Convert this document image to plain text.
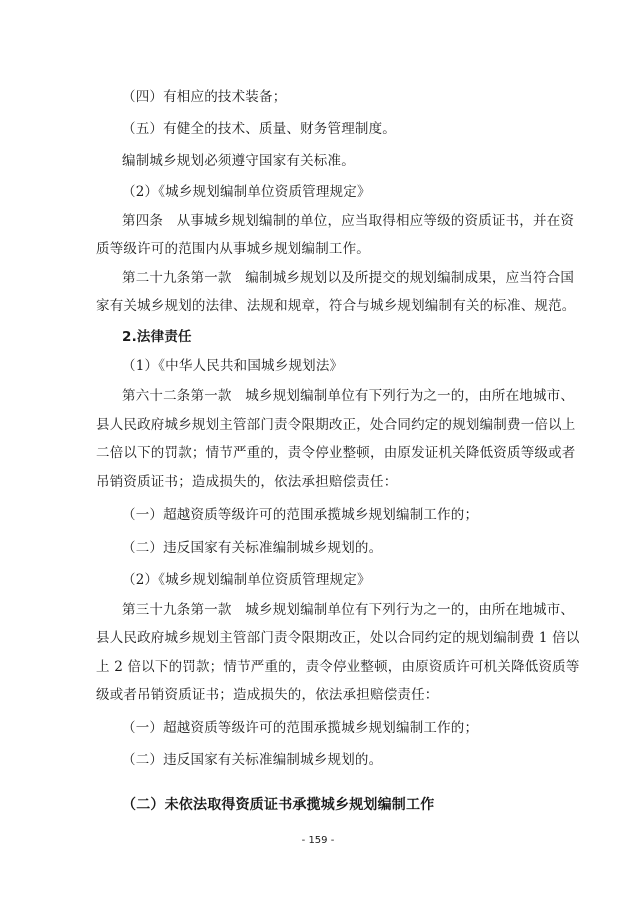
（四）有相应的技术装备；
（五）有健全的技术、质量、财务管理制度。
编制城乡规划必须遵守国家有关标准。
（2）《城乡规划编制单位资质管理规定》
第四条　从事城乡规划编制的单位，应当取得相应等级的资质证书，并在资
质等级许可的范围内从事城乡规划编制工作。
第二十九条第一款　编制城乡规划以及所提交的规划编制成果，应当符合国
家有关城乡规划的法律、法规和规章，符合与城乡规划编制有关的标准、规范。
2.法律责任
（1）《中华人民共和国城乡规划法》
第六十二条第一款　城乡规划编制单位有下列行为之一的，由所在地城市、
县人民政府城乡规划主管部门责令限期改正，处合同约定的规划编制费一倍以上
二倍以下的罚款；情节严重的，责令停业整顿，由原发证机关降低资质等级或者
吊销资质证书；造成损失的，依法承担赔偿责任：
（一）超越资质等级许可的范围承揽城乡规划编制工作的；
（二）违反国家有关标准编制城乡规划的。
（2）《城乡规划编制单位资质管理规定》
第三十九条第一款　城乡规划编制单位有下列行为之一的，由所在地城市、
县人民政府城乡规划主管部门责令限期改正，处以合同约定的规划编制费 1 倍以
上 2 倍以下的罚款；情节严重的，责令停业整顿，由原资质许可机关降低资质等
级或者吊销资质证书；造成损失的，依法承担赔偿责任：
（一）超越资质等级许可的范围承揽城乡规划编制工作的；
（二）违反国家有关标准编制城乡规划的。
（二）未依法取得资质证书承揽城乡规划编制工作
- 159 -
